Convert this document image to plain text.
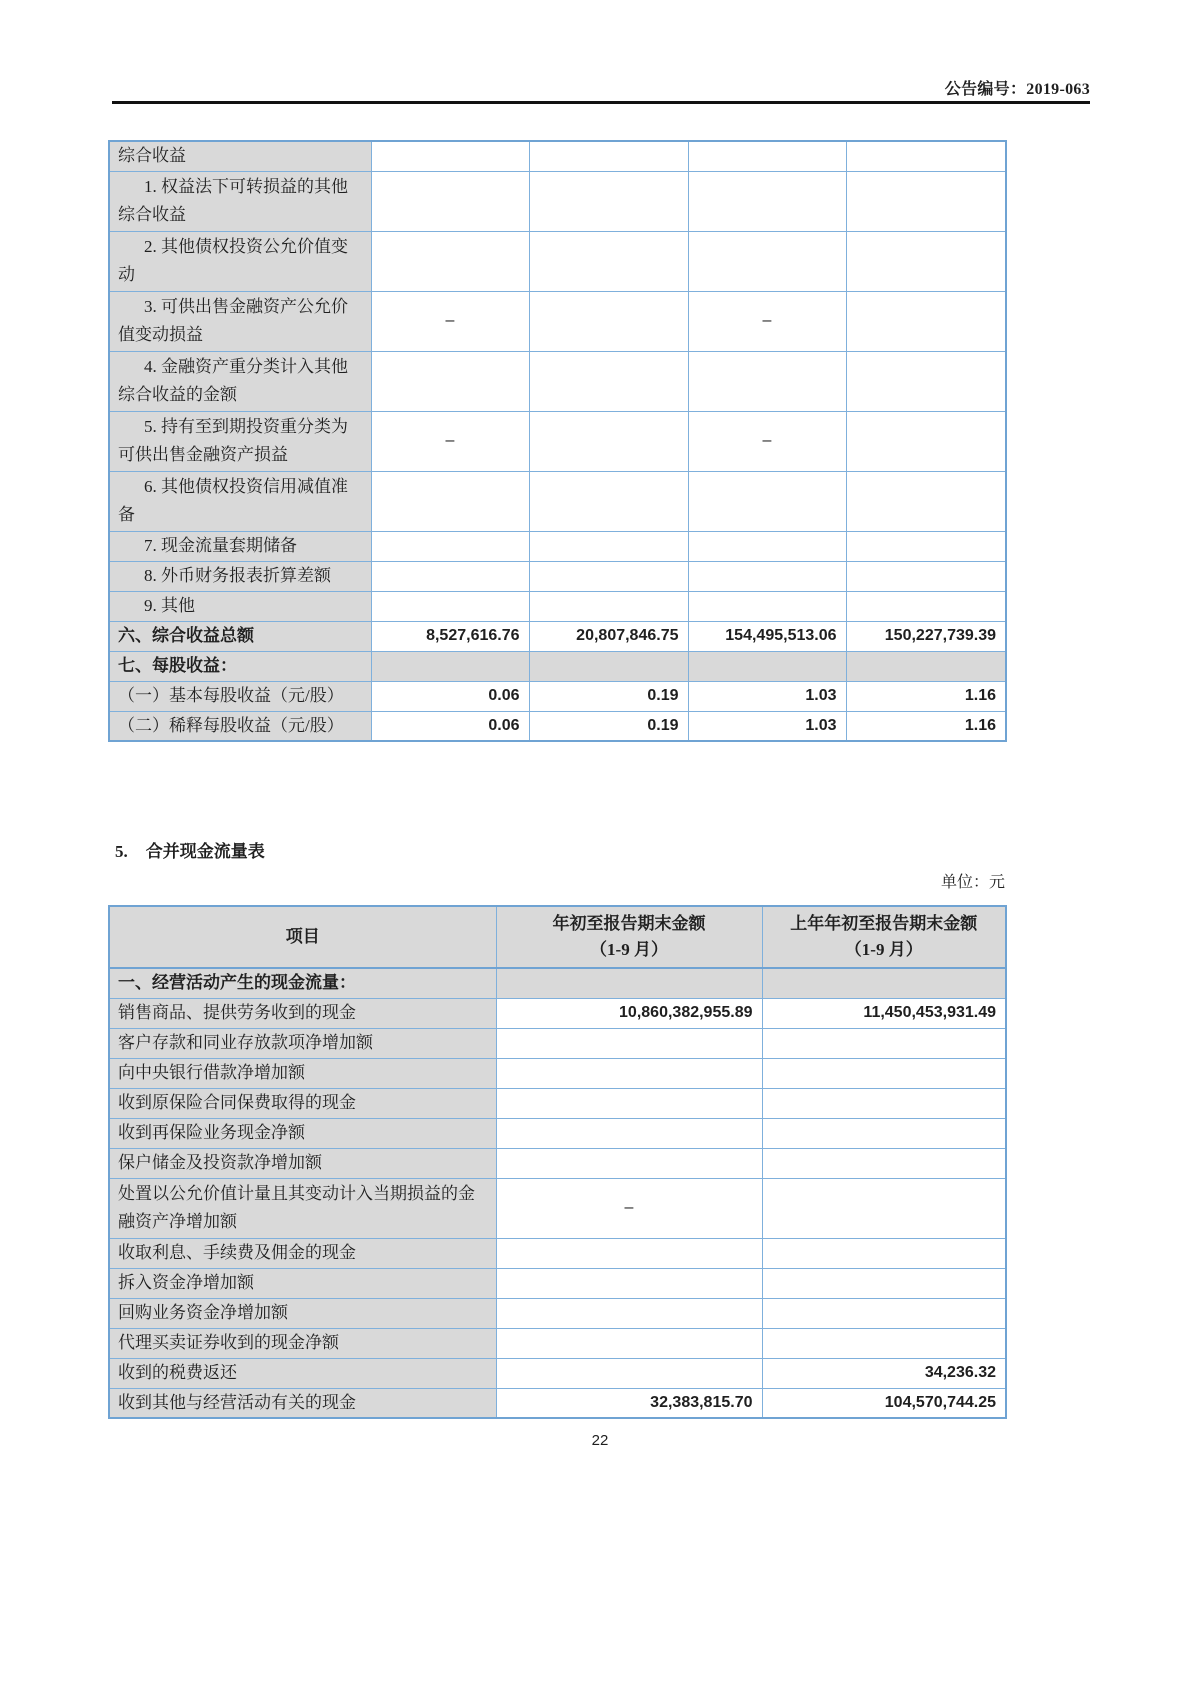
公告编号：2019-063
综合收益				
1. 权益法下可转损益的其他综合收益				
2. 其他债权投资公允价值变动				
3. 可供出售金融资产公允价值变动损益	–		–	
4. 金融资产重分类计入其他综合收益的金额				
5. 持有至到期投资重分类为可供出售金融资产损益	–		–	
6. 其他债权投资信用减值准备				
7. 现金流量套期储备				
8. 外币财务报表折算差额				
9. 其他				
六、综合收益总额	8,527,616.76	20,807,846.75	154,495,513.06	150,227,739.39
七、每股收益：				
（一）基本每股收益（元/股）	0.06	0.19	1.03	1.16
（二）稀释每股收益（元/股）	0.06	0.19	1.03	1.16
5. 合并现金流量表
单位：元
项目	
年初至报告期末金额
（1-9 月）

上年年初至报告期末金额
（1-9 月）

一、经营活动产生的现金流量：		
销售商品、提供劳务收到的现金	10,860,382,955.89	11,450,453,931.49
客户存款和同业存放款项净增加额		
向中央银行借款净增加额		
收到原保险合同保费取得的现金		
收到再保险业务现金净额		
保户储金及投资款净增加额		
处置以公允价值计量且其变动计入当期损益的金融资产净增加额	–	
收取利息、手续费及佣金的现金		
拆入资金净增加额		
回购业务资金净增加额		
代理买卖证券收到的现金净额		
收到的税费返还		34,236.32
收到其他与经营活动有关的现金	32,383,815.70	104,570,744.25
22
